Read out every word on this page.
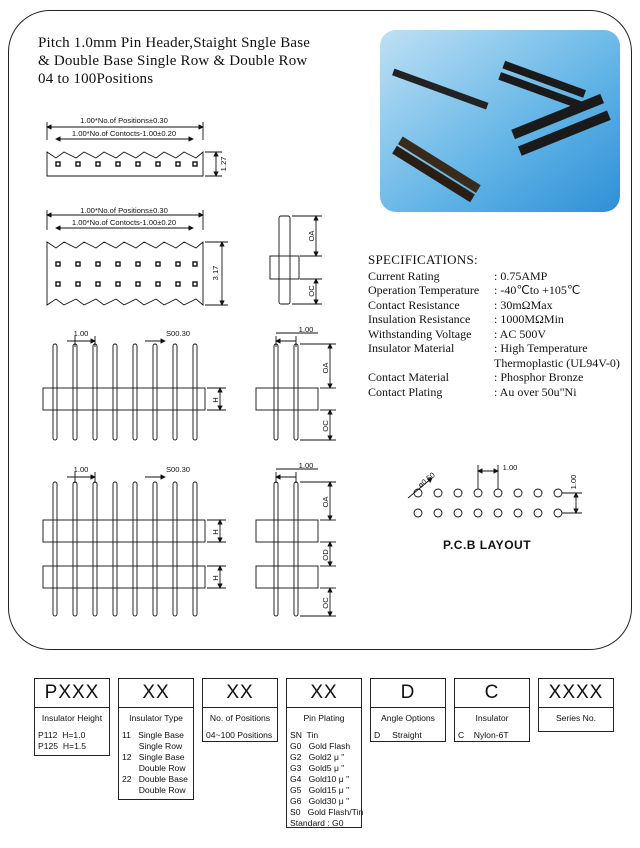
Pitch 1.0mm Pin Header,Staight Sngle Base
& Double Base Single Row & Double Row
04 to 100Positions
1.00*No.of Positions±0.30
1.00*No.of Contocts-1.00±0.20
1.27
1.00*No.of Positions±0.30
1.00*No.of Contocts-1.00±0.20
3.17
OA
OC
1.00	S00.30
H
1.00
OA
OC
1.00	S00.30
H
H
1.00
OA
OD
OC
ø0.50
1.00
1.00
P.C.B LAYOUT
SPECIFICATIONS:
Current Rating	: 0.75AMP
Operation Temperature : -40℃to +105℃
Contact Resistance	: 30mΩMax
Insulation Resistance : 1000MΩMin
Withstanding Voltage : AC 500V
Insulator Material	: High Temperature Thermoplastic (UL94V-0)
Contact Material	: Phosphor Bronze
Contact Plating	: Au over 50u"Ni
PXXX
Insulator Height
P112  H=1.0
P125  H=1.5
XX
Insulator Type
11   Single Base
Single Row
12   Single Base
Double Row
22   Double Base
Double Row
XX
No. of Positions
04~100 Positions
XX
Pin Plating
SN  Tin
G0   Gold Flash
G2   Gold2 μ "
G3   Gold5 μ "
G4   Gold10 μ "
G5   Gold15 μ "
G6   Gold30 μ "
S0   Gold Flash/Tin
Standard : G0
D
Angle Options
D     Straight
C
Insulator
C    Nylon-6T
XXXX
Series No.
